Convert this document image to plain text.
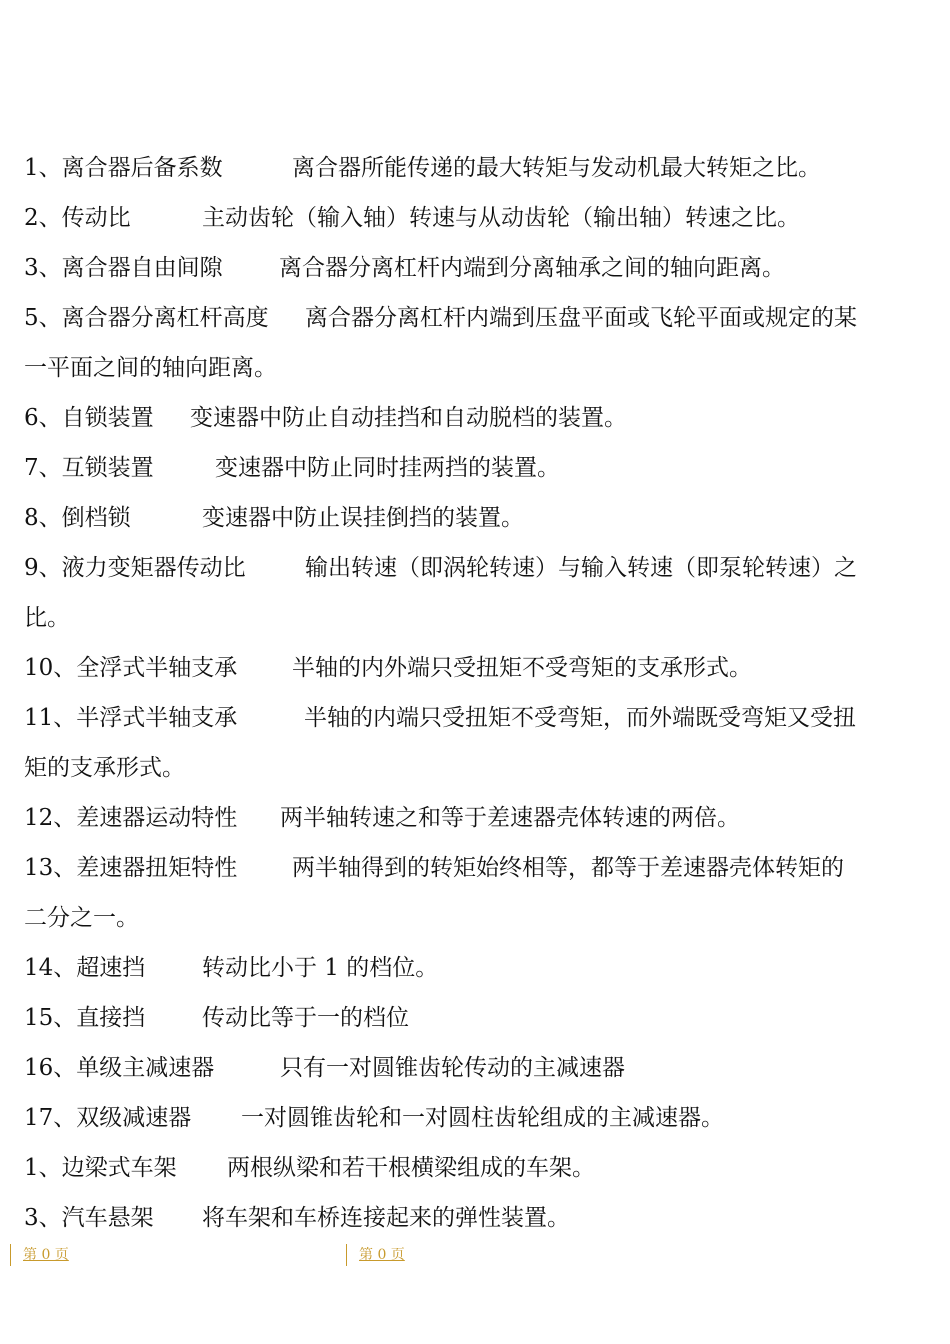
1、离合器后备系数	离合器所能传递的最大转矩与发动机最大转矩之比。
2、传动比	主动齿轮（输入轴）转速与从动齿轮（输出轴）转速之比。
3、离合器自由间隙 离合器分离杠杆内端到分离轴承之间的轴向距离。
5、离合器分离杠杆高度 离合器分离杠杆内端到压盘平面或飞轮平面或规定的某
一平面之间的轴向距离。
6、自锁装置 变速器中防止自动挂挡和自动脱档的装置。
7、互锁装置	变速器中防止同时挂两挡的装置。
8、倒档锁	变速器中防止误挂倒挡的装置。
9、液力变矩器传动比	输出转速（即涡轮转速）与输入转速（即泵轮转速）之
比。
10、全浮式半轴支承 半轴的内外端只受扭矩不受弯矩的支承形式。
11、半浮式半轴支承	半轴的内端只受扭矩不受弯矩，而外端既受弯矩又受扭
矩的支承形式。
12、差速器运动特性 两半轴转速之和等于差速器壳体转速的两倍。
13、差速器扭矩特性 两半轴得到的转矩始终相等，都等于差速器壳体转矩的
二分之一。
14、超速挡 转动比小于 1 的档位。
15、直接挡 传动比等于一的档位
16、单级主减速器	只有一对圆锥齿轮传动的主减速器
17、双级减速器 一对圆锥齿轮和一对圆柱齿轮组成的主减速器。
1、边梁式车架 两根纵梁和若干根横梁组成的车架。
3、汽车悬架 将车架和车桥连接起来的弹性装置。
第 0 页	第 0 页
